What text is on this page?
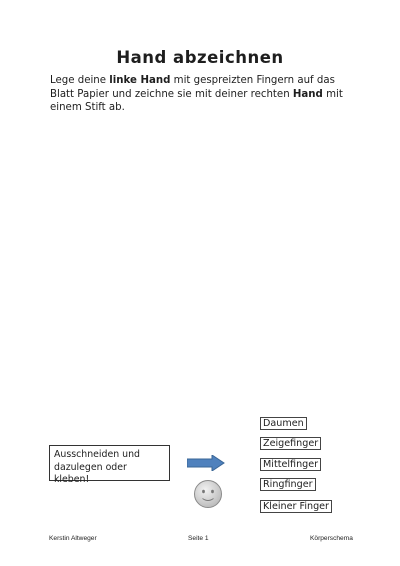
Hand abzeichnen

Lege deine linke Hand mit gespreizten Fingern auf das Blatt Papier und zeichne sie mit deiner rechten Hand mit einem Stift ab.

Ausschneiden und
dazulegen oder kleben!
Daumen
Zeigefinger
Mittelfinger
Ringfinger
Kleiner Finger
Kerstin Altweger	Seite 1	Körperschema
